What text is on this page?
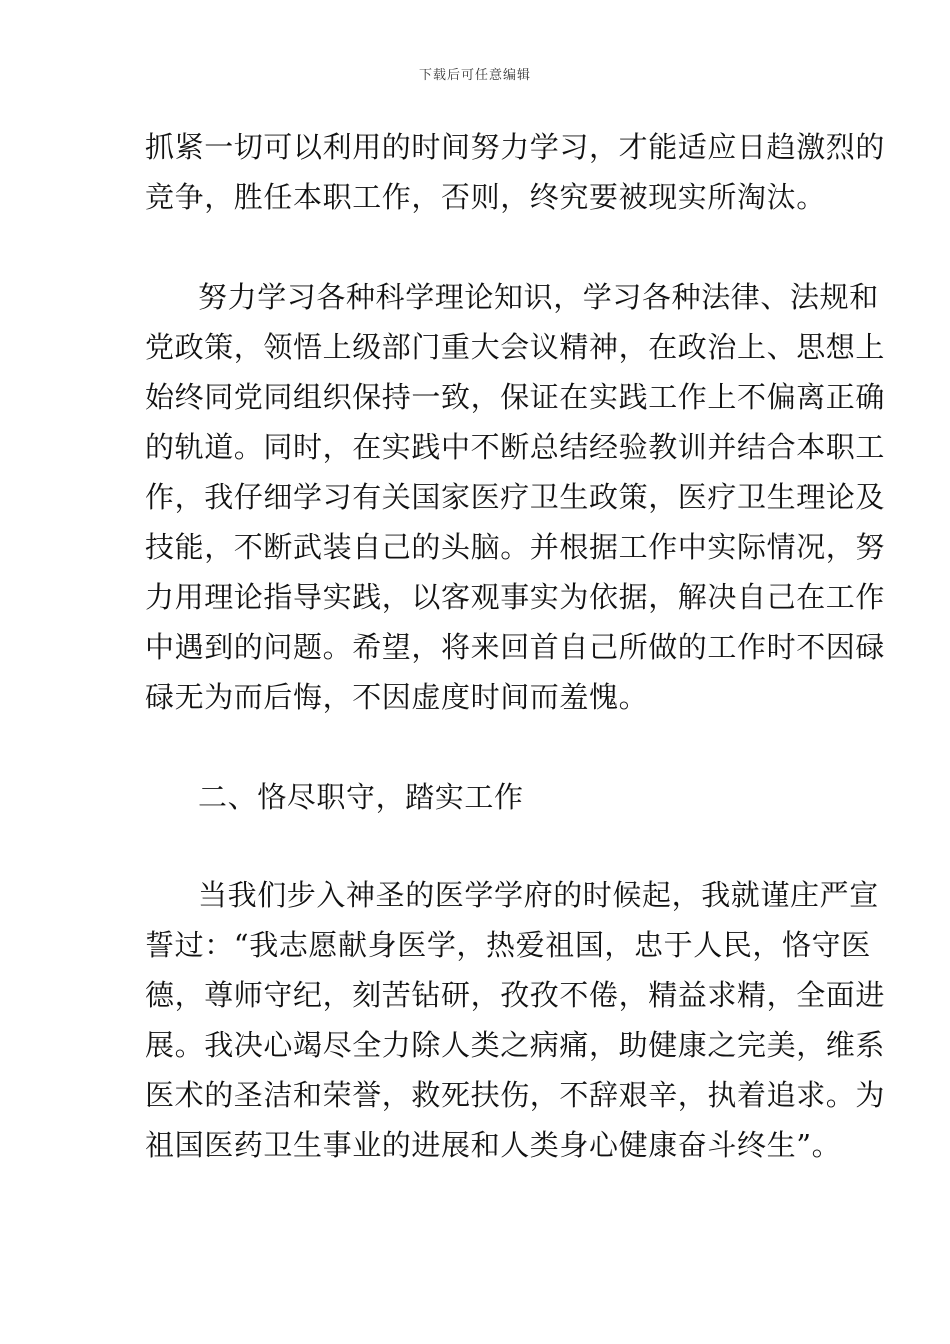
下载后可任意编辑
抓紧一切可以利用的时间努力学习，才能适应日趋激烈的
竞争，胜任本职工作，否则，终究要被现实所淘汰。
努力学习各种科学理论知识，学习各种法律、法规和
党政策，领悟上级部门重大会议精神，在政治上、思想上
始终同党同组织保持一致，保证在实践工作上不偏离正确
的轨道。同时，在实践中不断总结经验教训并结合本职工
作，我仔细学习有关国家医疗卫生政策，医疗卫生理论及
技能，不断武装自己的头脑。并根据工作中实际情况，努
力用理论指导实践，以客观事实为依据，解决自己在工作
中遇到的问题。希望，将来回首自己所做的工作时不因碌
碌无为而后悔，不因虚度时间而羞愧。
二、恪尽职守，踏实工作
当我们步入神圣的医学学府的时候起，我就谨庄严宣
誓过：“我志愿献身医学，热爱祖国，忠于人民，恪守医
德，尊师守纪，刻苦钻研，孜孜不倦，精益求精，全面进
展。我决心竭尽全力除人类之病痛，助健康之完美，维系
医术的圣洁和荣誉，救死扶伤，不辞艰辛，执着追求。为
祖国医药卫生事业的进展和人类身心健康奋斗终生”。
